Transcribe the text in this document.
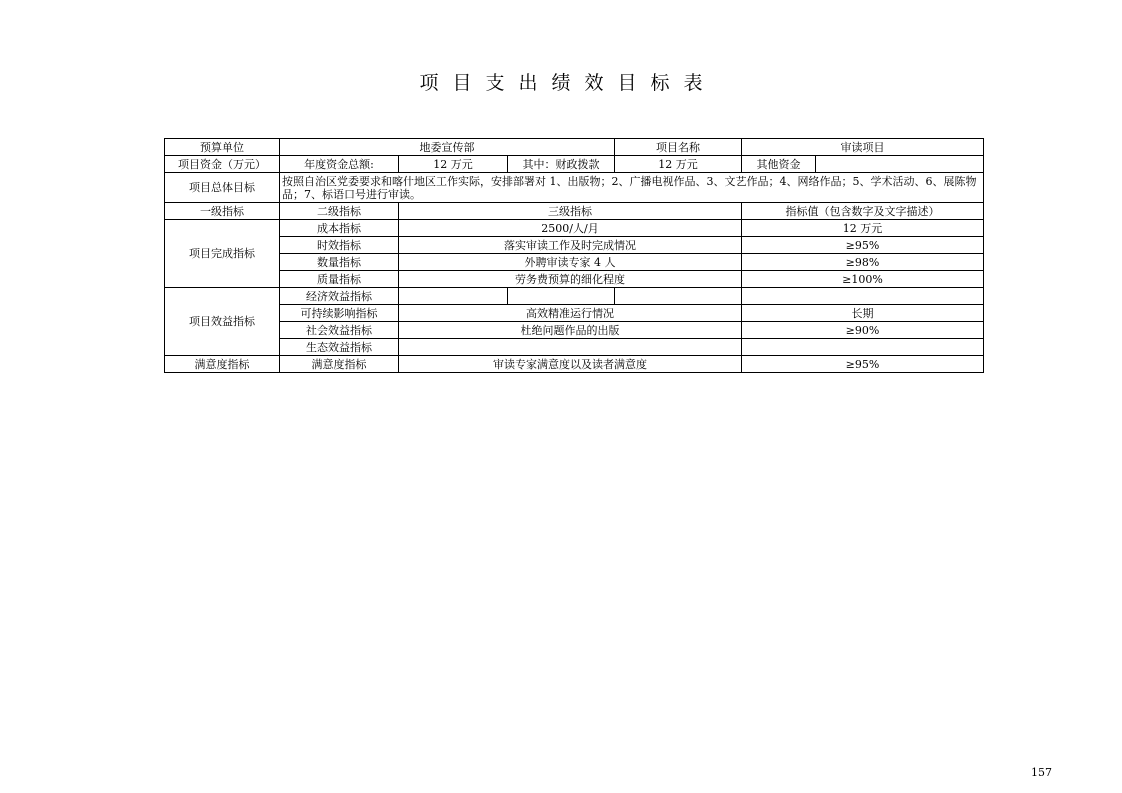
项目支出绩效目标表
预算单位	地委宣传部			项目名称	审读项目	
项目资金（万元）	年度资金总额:	12 万元	其中：财政拨款	12 万元	其他资金	
项目总体目标	按照自治区党委要求和喀什地区工作实际，安排部署对 1、出版物；2、广播电视作品、3、文艺作品；4、网络作品；5、学术活动、6、展陈物品；7、标语口号进行审读。					
一级指标	二级指标	三级指标			指标值（包含数字及文字描述）	
项目完成指标	成本指标	2500/人/月			12 万元	
	时效指标	落实审读工作及时完成情况			≥95%	
	数量指标	外聘审读专家 4 人			≥98%	
	质量指标	劳务费预算的细化程度			≥100%	
项目效益指标	经济效益指标					
	可持续影响指标	高效精准运行情况			长期	
	社会效益指标	杜绝问题作品的出版			≥90%	
	生态效益指标					
满意度指标	满意度指标	审读专家满意度以及读者满意度			≥95%	
157
